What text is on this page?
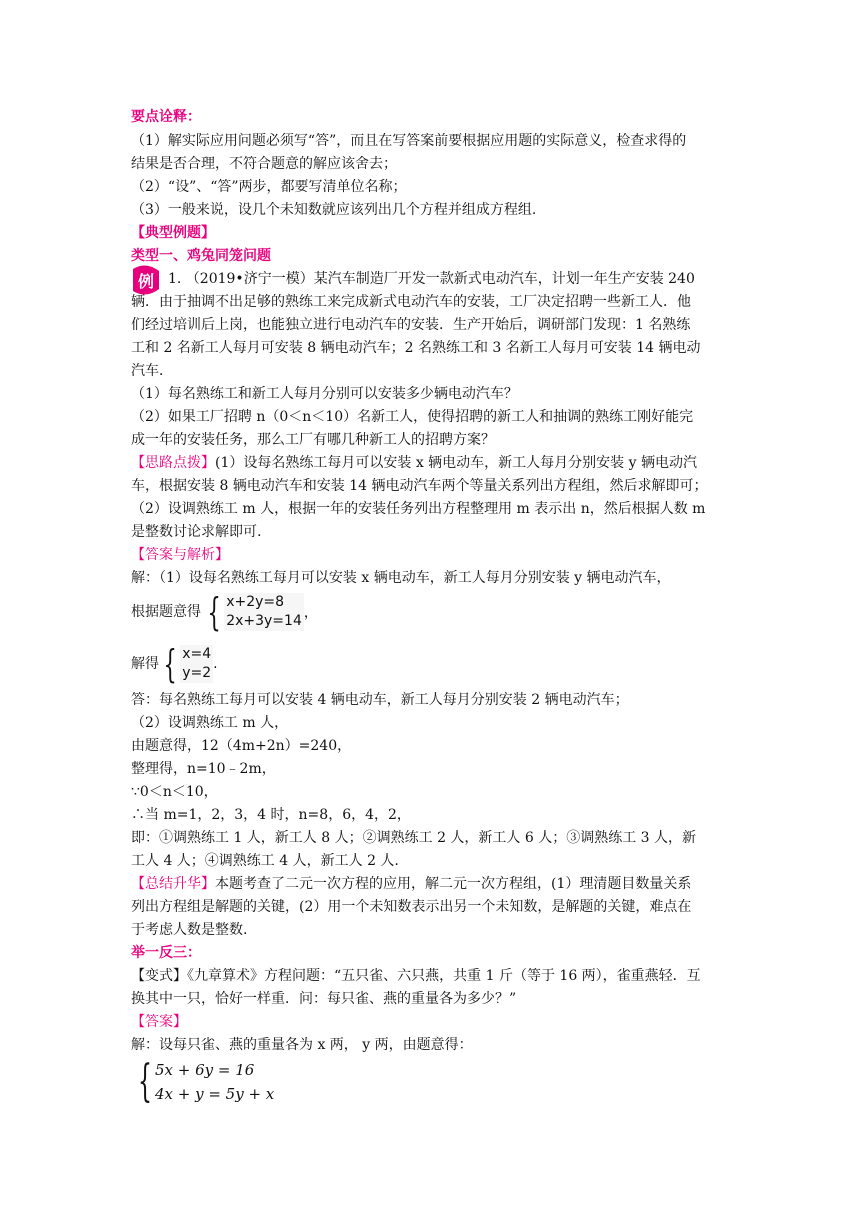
要点诠释：
（1）解实际应用问题必须写“答”，而且在写答案前要根据应用题的实际意义，检查求得的
结果是否合理，不符合题意的解应该舍去；
（2）“设”、“答”两步，都要写清单位名称；
（3）一般来说，设几个未知数就应该列出几个方程并组成方程组.
【典型例题】
类型一、鸡兔同笼问题
例 1. （2019•济宁一模）某汽车制造厂开发一款新式电动汽车，计划一年生产安装 240
辆．由于抽调不出足够的熟练工来完成新式电动汽车的安装，工厂决定招聘一些新工人．他
们经过培训后上岗，也能独立进行电动汽车的安装．生产开始后，调研部门发现：1 名熟练
工和 2 名新工人每月可安装 8 辆电动汽车；2 名熟练工和 3 名新工人每月可安装 14 辆电动
汽车．
（1）每名熟练工和新工人每月分别可以安装多少辆电动汽车？
（2）如果工厂招聘 n（0＜n＜10）名新工人，使得招聘的新工人和抽调的熟练工刚好能完
成一年的安装任务，那么工厂有哪几种新工人的招聘方案？
【思路点拨】(1）设每名熟练工每月可以安装 x 辆电动车，新工人每月分别安装 y 辆电动汽
车，根据安装 8 辆电动汽车和安装 14 辆电动汽车两个等量关系列出方程组，然后求解即可；
（2）设调熟练工 m 人，根据一年的安装任务列出方程整理用 m 表示出 n，然后根据人数 m
是整数讨论求解即可.
【答案与解析】
解：（1）设每名熟练工每月可以安装 x 辆电动车，新工人每月分别安装 y 辆电动汽车，
根据题意得 { x+2y=8
2x+3y=14 ，
解得 { x=4
y=2
.
答：每名熟练工每月可以安装 4 辆电动车，新工人每月分别安装 2 辆电动汽车；
（2）设调熟练工 m 人，
由题意得，12（4m+2n）=240，
整理得，n=10﹣2m，
∵0＜n＜10，
∴当 m=1，2，3，4 时，n=8，6，4，2，
即：①调熟练工 1 人，新工人 8 人；②调熟练工 2 人，新工人 6 人；③调熟练工 3 人，新
工人 4 人；④调熟练工 4 人，新工人 2 人.
【总结升华】本题考查了二元一次方程的应用，解二元一次方程组，(1）理清题目数量关系
列出方程组是解题的关键，(2）用一个未知数表示出另一个未知数，是解题的关键，难点在
于考虑人数是整数.
举一反三：
【变式】《九章算术》方程问题：“五只雀、六只燕，共重 1 斤（等于 16 两），雀重燕轻．互
换其中一只，恰好一样重．问：每只雀、燕的重量各为多少？”
【答案】
解：设每只雀、燕的重量各为 x 两， y 两，由题意得：
{ 5x + 6y = 16
4x + y = 5y + x
